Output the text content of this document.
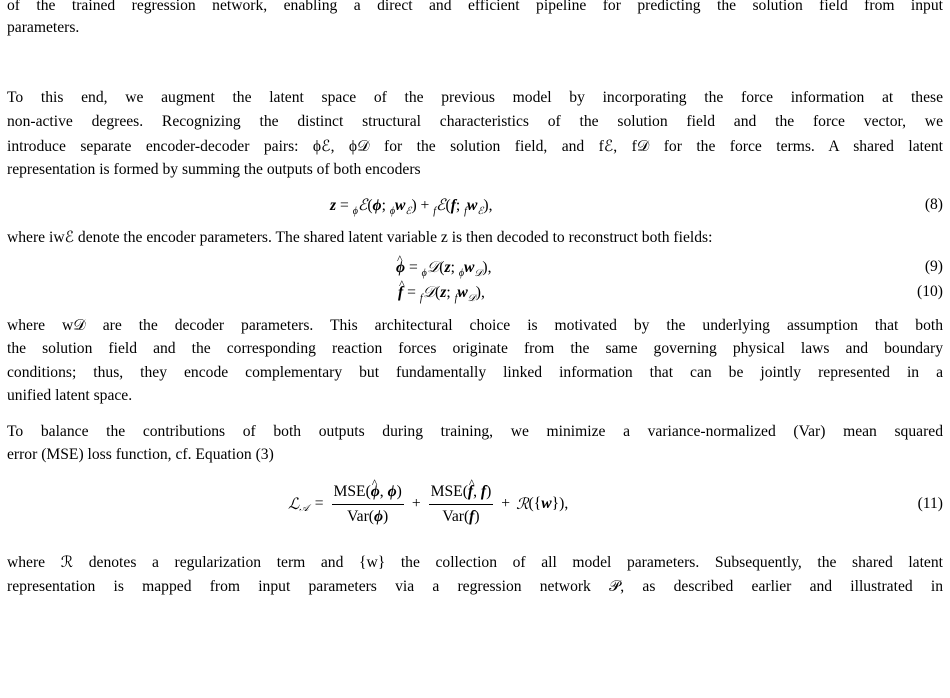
of the trained regression network, enabling a direct and efficient pipeline for predicting the solution field from input
parameters.
To this end, we augment the latent space of the previous model by incorporating the force information at these
non-active degrees. Recognizing the distinct structural characteristics of the solution field and the force vector, we
introduce separate encoder-decoder pairs: ϕℰ, ϕ𝒟 for the solution field, and fℰ, f𝒟 for the force terms. A shared latent
representation is formed by summing the outputs of both encoders
z = $_\phi$ℰ(ϕ; $_\phi w_ℰ$) + $_f$ℰ(f; $_fw_ℰ$),	(8)
where iwℰ denote the encoder parameters. The shared latent variable z is then decoded to reconstruct both fields:
^ ϕ = $_\phi$𝒟(z; $_\phi w_𝒟$),	(9)
^ f = $_f$𝒟(z; $_fw_𝒟$),	(10)
where w𝒟 are the decoder parameters. This architectural choice is motivated by the underlying assumption that both
the solution field and the corresponding reaction forces originate from the same governing physical laws and boundary
conditions; thus, they encode complementary but fundamentally linked information that can be jointly represented in a
unified latent space.
To balance the contributions of both outputs during training, we minimize a variance-normalized (Var) mean squared
error (MSE) loss function, cf. Equation (3)
ℒ$_𝒜$ = $\frac{\text{MSE(\textasciicircum{} ϕ, ϕ)}}{\text{Var(ϕ)}} + \frac{\text{MSE(\textasciicircum{} f, f)}}{\text{Var(f)}}$ + ℛ ({ w }),	(11)
where ℛ denotes a regularization term and {w} the collection of all model parameters. Subsequently, the shared latent
representation is mapped from input parameters via a regression network 𝒫, as described earlier and illustrated in
